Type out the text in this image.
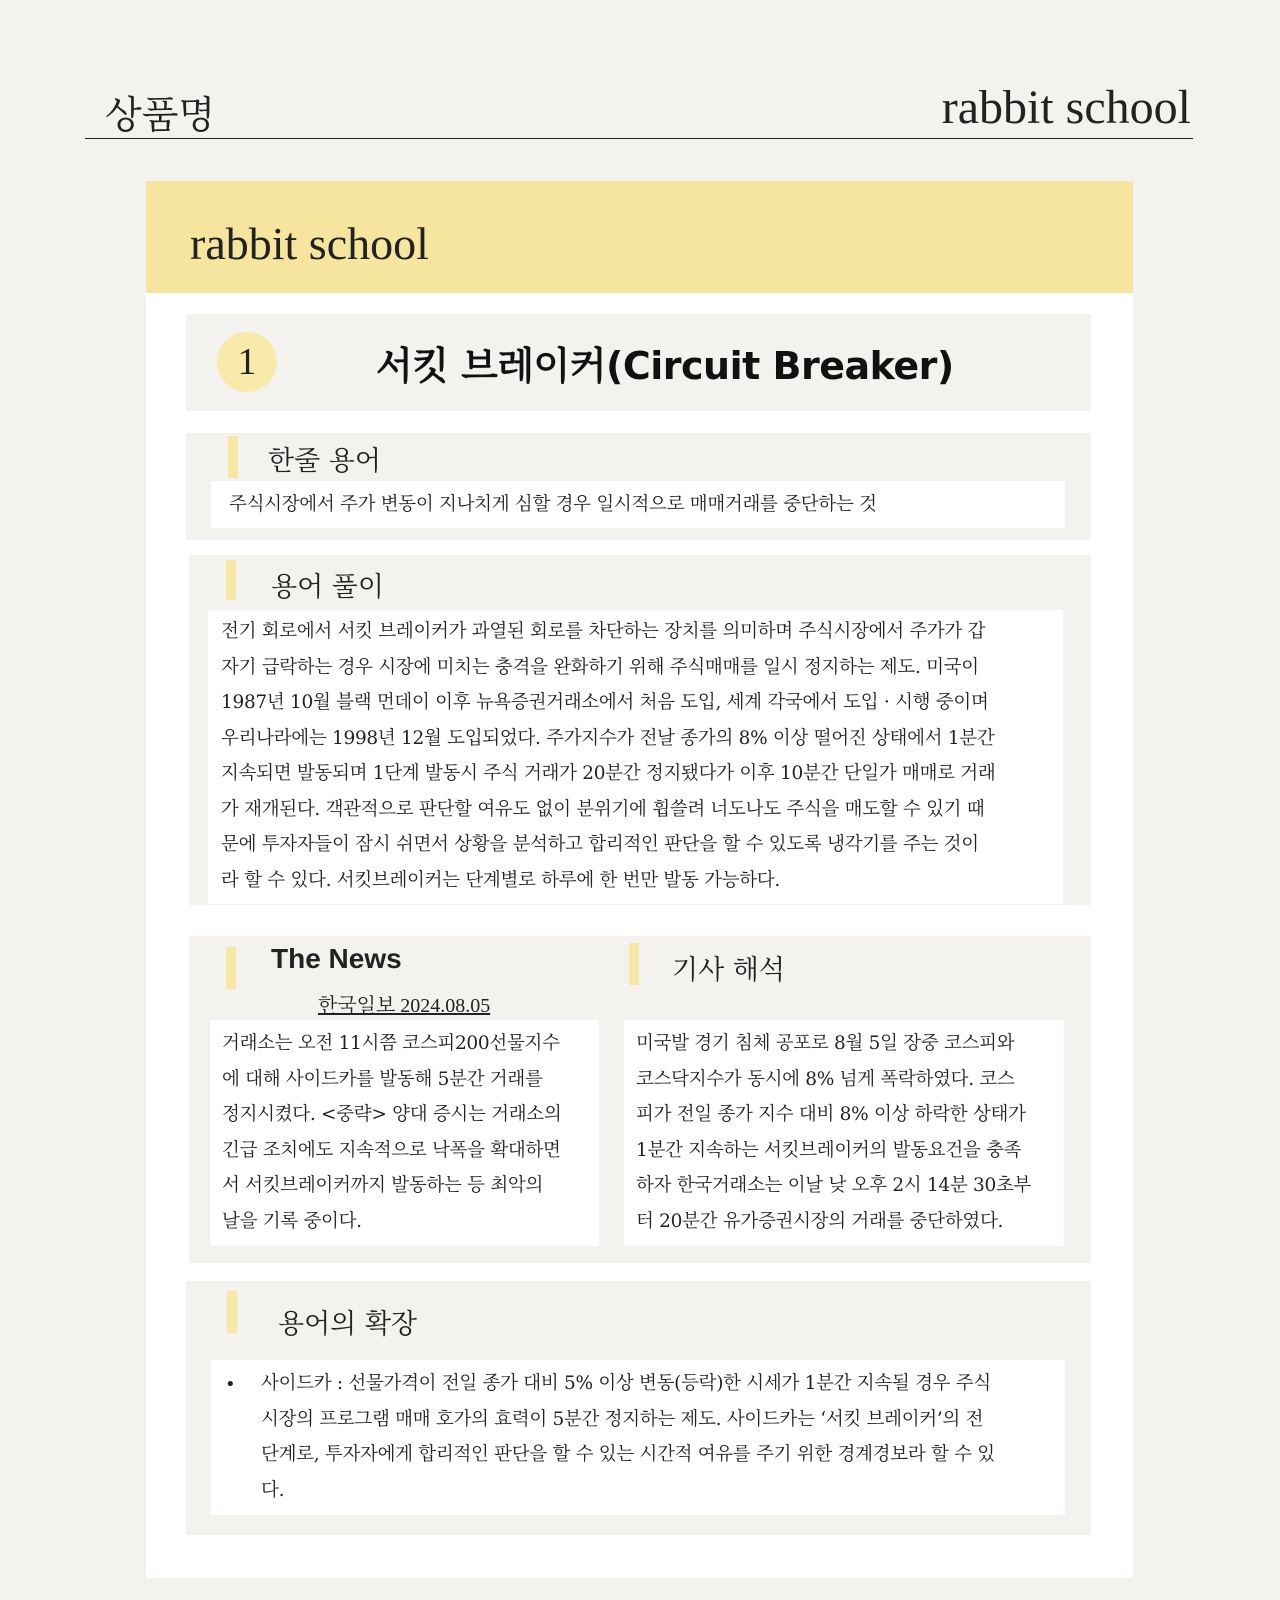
상품명	rabbit school
rabbit school
1	서킷 브레이커(Circuit Breaker)
한줄 용어
주식시장에서 주가 변동이 지나치게 심할 경우 일시적으로 매매거래를 중단하는 것
용어 풀이
전기 회로에서 서킷 브레이커가 과열된 회로를 차단하는 장치를 의미하며 주식시장에서 주가가 갑
자기 급락하는 경우 시장에 미치는 충격을 완화하기 위해 주식매매를 일시 정지하는 제도. 미국이
1987년 10월 블랙 먼데이 이후 뉴욕증권거래소에서 처음 도입, 세계 각국에서 도입 · 시행 중이며
우리나라에는 1998년 12월 도입되었다. 주가지수가 전날 종가의 8% 이상 떨어진 상태에서 1분간
지속되면 발동되며 1단계 발동시 주식 거래가 20분간 정지됐다가 이후 10분간 단일가 매매로 거래
가 재개된다. 객관적으로 판단할 여유도 없이 분위기에 휩쓸려 너도나도 주식을 매도할 수 있기 때
문에 투자자들이 잠시 쉬면서 상황을 분석하고 합리적인 판단을 할 수 있도록 냉각기를 주는 것이
라 할 수 있다. 서킷브레이커는 단계별로 하루에 한 번만 발동 가능하다.
The News
한국일보 2024.08.05
기사 해석
거래소는 오전 11시쯤 코스피200선물지수
에 대해 사이드카를 발동해 5분간 거래를
정지시켰다. <중략> 양대 증시는 거래소의
긴급 조치에도 지속적으로 낙폭을 확대하면
서 서킷브레이커까지 발동하는 등 최악의
날을 기록 중이다.
미국발 경기 침체 공포로 8월 5일 장중 코스피와
코스닥지수가 동시에 8% 넘게 폭락하였다. 코스
피가 전일 종가 지수 대비 8% 이상 하락한 상태가
1분간 지속하는 서킷브레이커의 발동요건을 충족
하자 한국거래소는 이날 낮 오후 2시 14분 30초부
터 20분간 유가증권시장의 거래를 중단하였다.
용어의 확장
• 사이드카 : 선물가격이 전일 종가 대비 5% 이상 변동(등락)한 시세가 1분간 지속될 경우 주식
시장의 프로그램 매매 호가의 효력이 5분간 정지하는 제도. 사이드카는 ‘서킷 브레이커’의 전
단계로, 투자자에게 합리적인 판단을 할 수 있는 시간적 여유를 주기 위한 경계경보라 할 수 있
다.
